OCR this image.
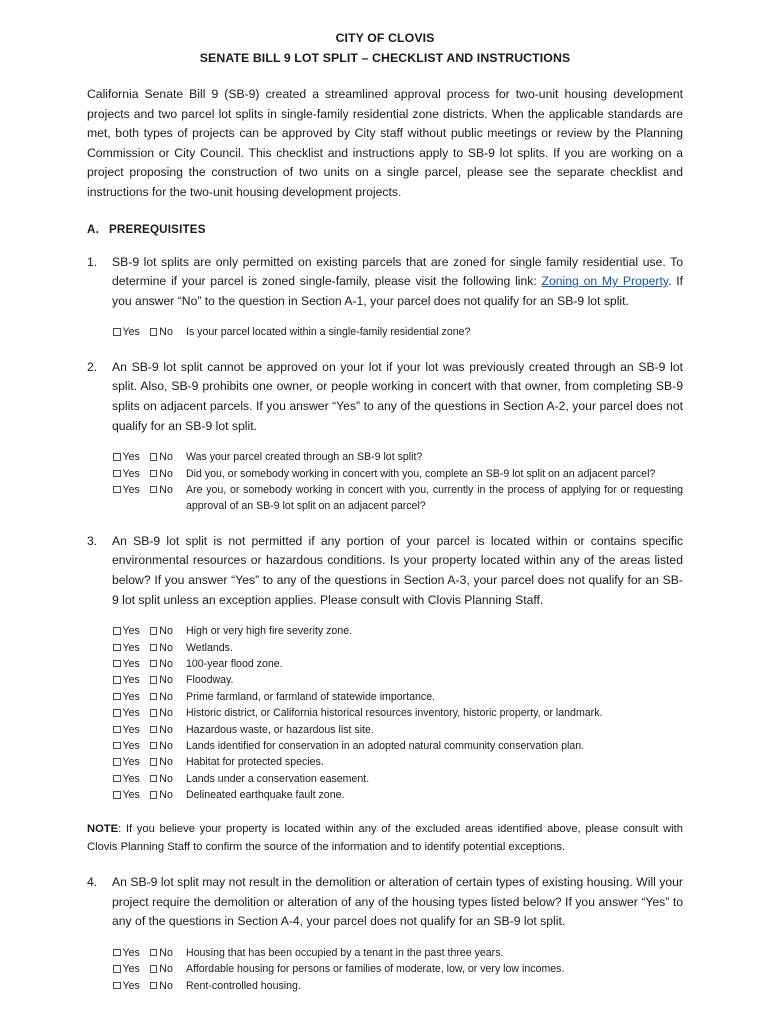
CITY OF CLOVIS
SENATE BILL 9 LOT SPLIT – CHECKLIST AND INSTRUCTIONS
California Senate Bill 9 (SB-9) created a streamlined approval process for two-unit housing development projects and two parcel lot splits in single-family residential zone districts. When the applicable standards are met, both types of projects can be approved by City staff without public meetings or review by the Planning Commission or City Council. This checklist and instructions apply to SB-9 lot splits. If you are working on a project proposing the construction of two units on a single parcel, please see the separate checklist and instructions for the two-unit housing development projects.
A. PREREQUISITES
1.	SB-9 lot splits are only permitted on existing parcels that are zoned for single family residential use. To determine if your parcel is zoned single-family, please visit the following link: Zoning on My Property. If you answer “No” to the question in Section A-1, your parcel does not qualify for an SB-9 lot split.

Yes No Is your parcel located within a single-family residential zone?
2.	An SB-9 lot split cannot be approved on your lot if your lot was previously created through an SB-9 lot split. Also, SB-9 prohibits one owner, or people working in concert with that owner, from completing SB-9 splits on adjacent parcels. If you answer “Yes” to any of the questions in Section A-2, your parcel does not qualify for an SB-9 lot split.

Yes No Was your parcel created through an SB-9 lot split?
Yes No Did you, or somebody working in concert with you, complete an SB-9 lot split on an adjacent parcel?
Yes No Are you, or somebody working in concert with you, currently in the process of applying for or requesting approval of an SB-9 lot split on an adjacent parcel?
3.	An SB-9 lot split is not permitted if any portion of your parcel is located within or contains specific environmental resources or hazardous conditions. Is your property located within any of the areas listed below? If you answer “Yes” to any of the questions in Section A-3, your parcel does not qualify for an SB-9 lot split unless an exception applies. Please consult with Clovis Planning Staff.

Yes No High or very high fire severity zone.
Yes No Wetlands.
Yes No 100-year flood zone.
Yes No Floodway.
Yes No Prime farmland, or farmland of statewide importance.
Yes No Historic district, or California historical resources inventory, historic property, or landmark.
Yes No Hazardous waste, or hazardous list site.
Yes No Lands identified for conservation in an adopted natural community conservation plan.
Yes No Habitat for protected species.
Yes No Lands under a conservation easement.
Yes No Delineated earthquake fault zone.
NOTE: If you believe your property is located within any of the excluded areas identified above, please consult with Clovis Planning Staff to confirm the source of the information and to identify potential exceptions.
4.	An SB-9 lot split may not result in the demolition or alteration of certain types of existing housing. Will your project require the demolition or alteration of any of the housing types listed below? If you answer “Yes” to any of the questions in Section A-4, your parcel does not qualify for an SB-9 lot split.

Yes No Housing that has been occupied by a tenant in the past three years.
Yes No Affordable housing for persons or families of moderate, low, or very low incomes.
Yes No Rent-controlled housing.
